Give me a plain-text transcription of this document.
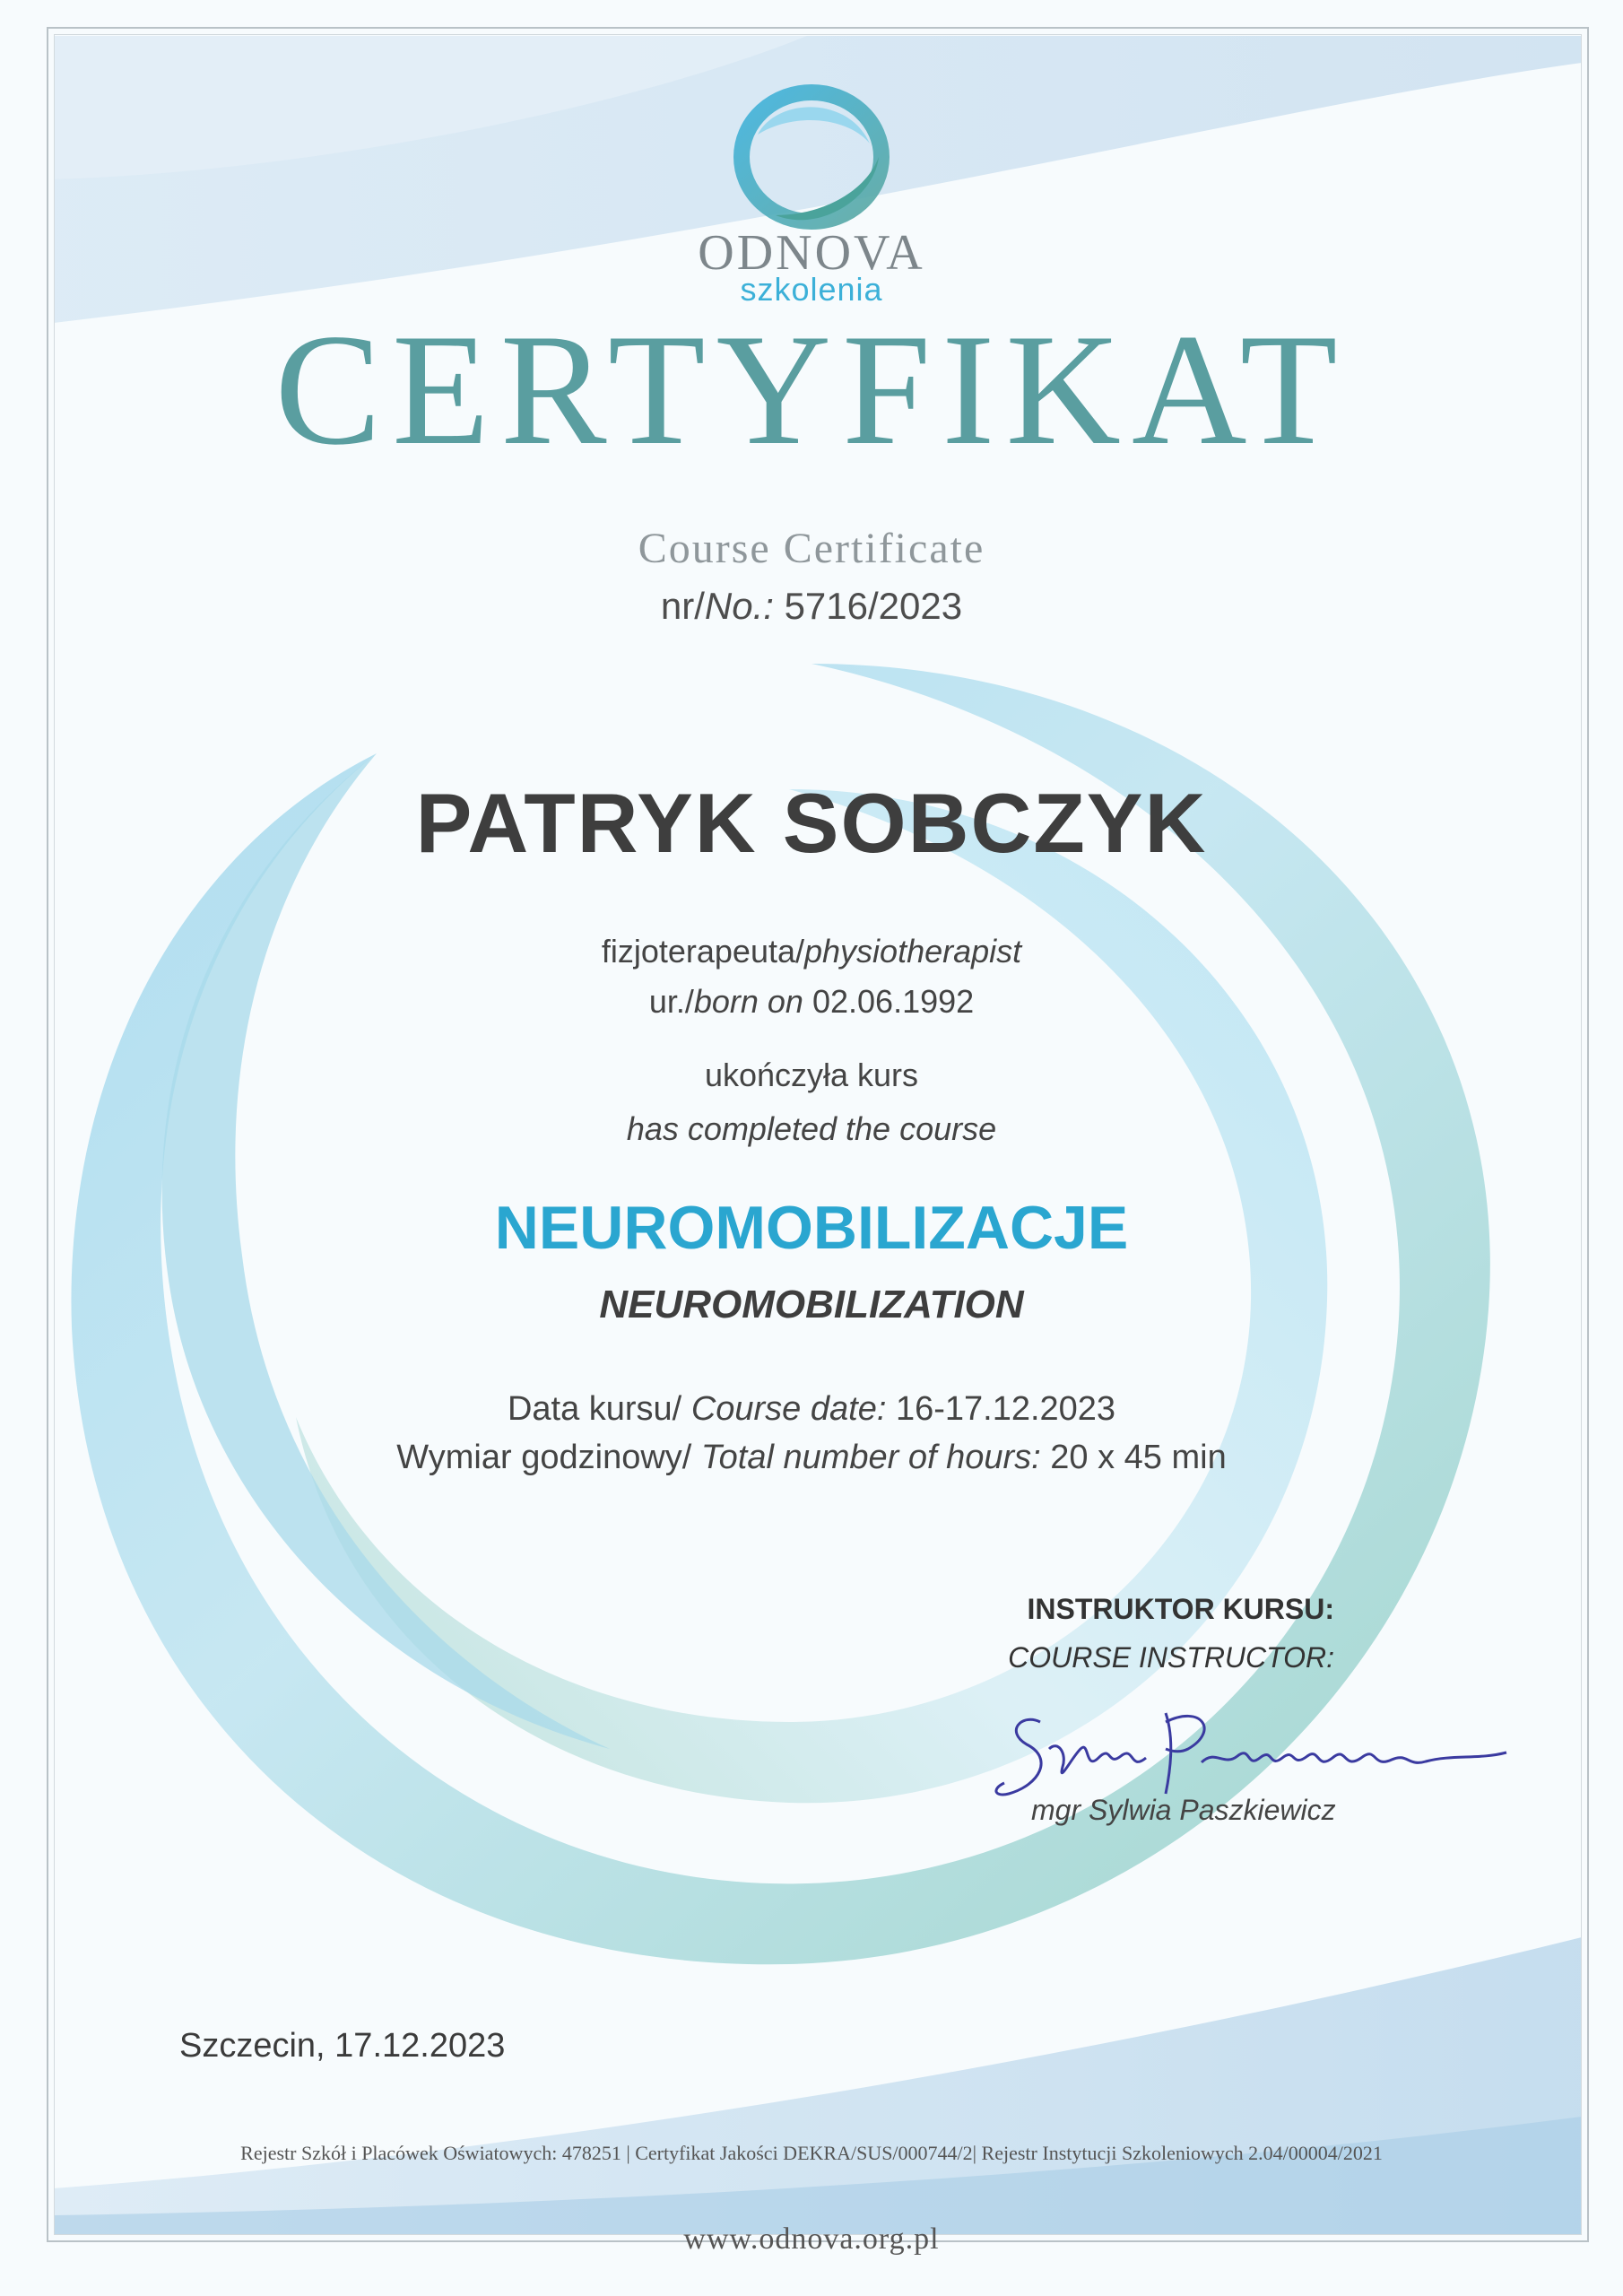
ODNOVA
szkolenia
CERTYFIKAT
Course Certificate
nr/No.: 5716/2023
PATRYK SOBCZYK
fizjoterapeuta/physiotherapist
ur./born on 02.06.1992
ukończyła kurs
has completed the course
NEUROMOBILIZACJE
NEUROMOBILIZATION
Data kursu/ Course date: 16-17.12.2023
Wymiar godzinowy/ Total number of hours: 20 x 45 min
INSTRUKTOR KURSU:
COURSE INSTRUCTOR:
mgr Sylwia Paszkiewicz
Szczecin, 17.12.2023
Rejestr Szkół i Placówek Oświatowych: 478251 | Certyfikat Jakości DEKRA/SUS/000744/2| Rejestr Instytucji Szkoleniowych 2.04/00004/2021
www.odnova.org.pl
